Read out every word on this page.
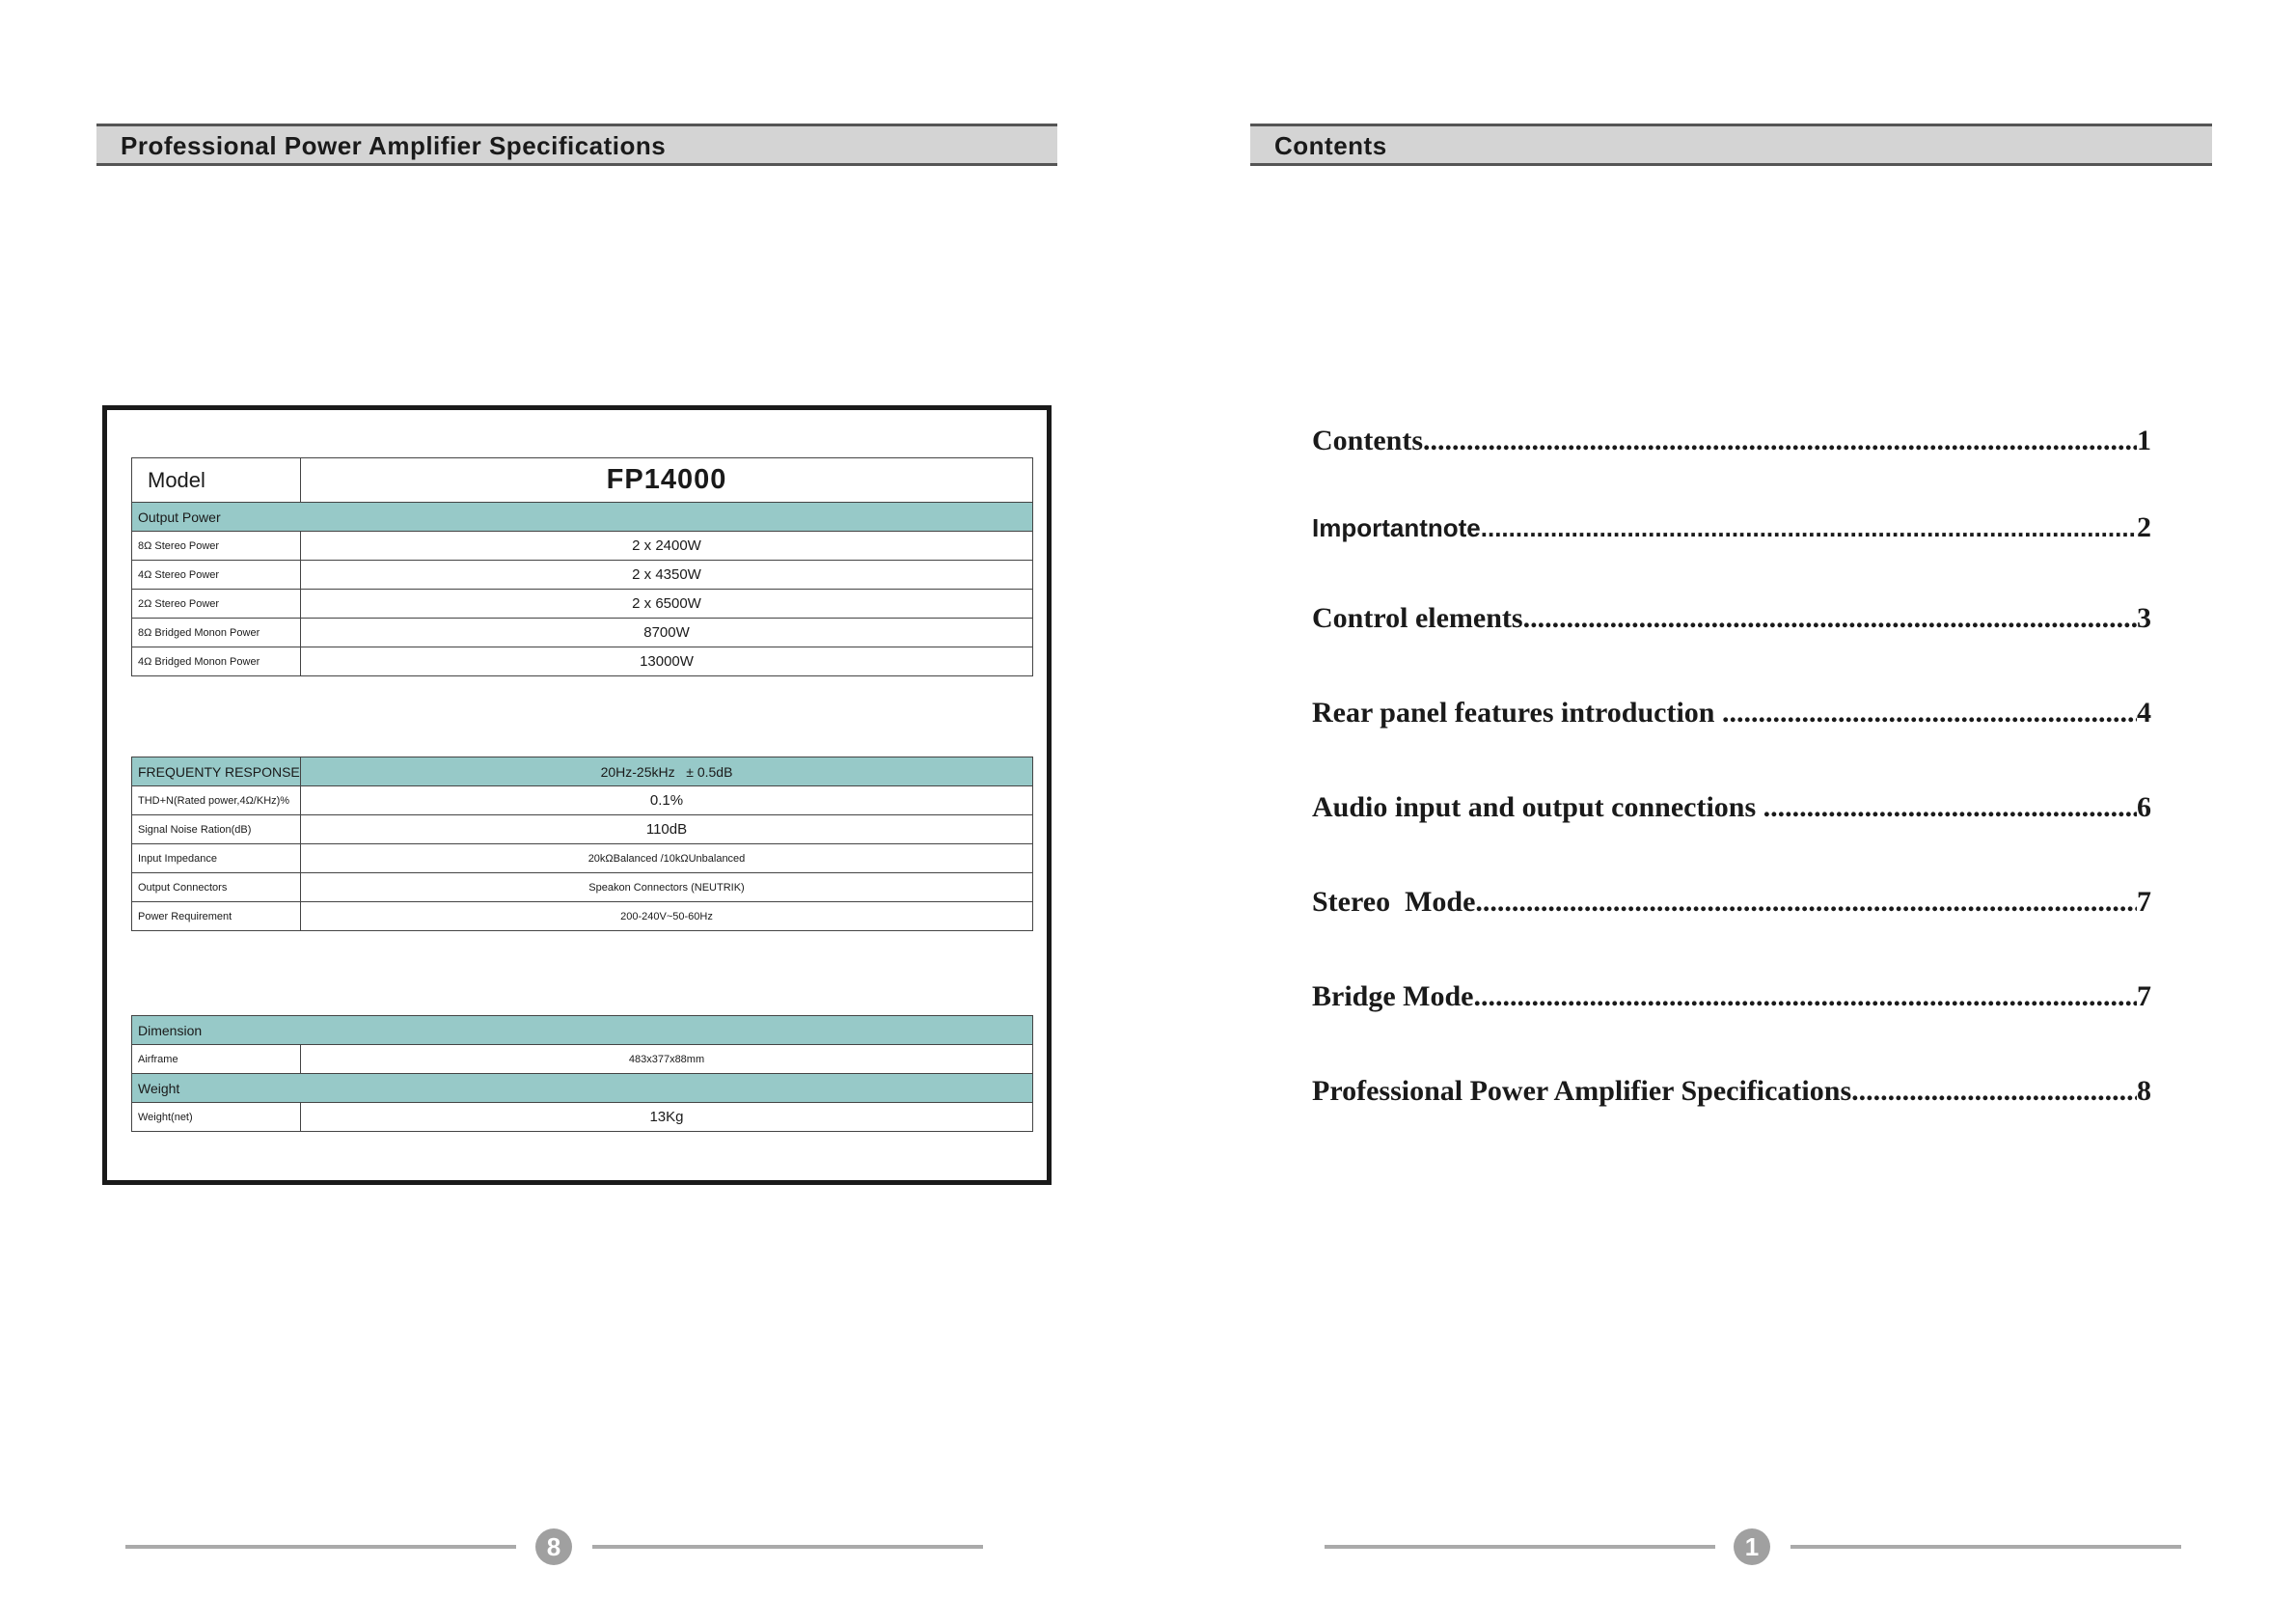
Professional Power Amplifier Specifications
Model	FP14000
Output Power	
8Ω Stereo Power	2 x 2400W
4Ω Stereo Power	2 x 4350W
2Ω Stereo Power	2 x 6500W
8Ω Bridged Monon Power	8700W
4Ω Bridged Monon Power	13000W
FREQUENTY RESPONSE	20Hz-25kHz   ± 0.5dB
THD+N(Rated power,4Ω/KHz)%	0.1%
Signal Noise Ration(dB)	110dB
Input Impedance	20kΩBalanced /10kΩUnbalanced
Output Connectors	Speakon Connectors (NEUTRIK)
Power Requirement	200-240V~50-60Hz
Dimension	
Airframe	483x377x88mm
Weight	
Weight(net)	13Kg
8
Contents
Contents .....	1
Importantnote .....	2
Control elements .....	3
Rear panel features introduction .....	4
Audio input and output connections .....	6
Stereo  Mode .....	7
Bridge Mode .....	7
Professional Power Amplifier Specifications .....	8
1
